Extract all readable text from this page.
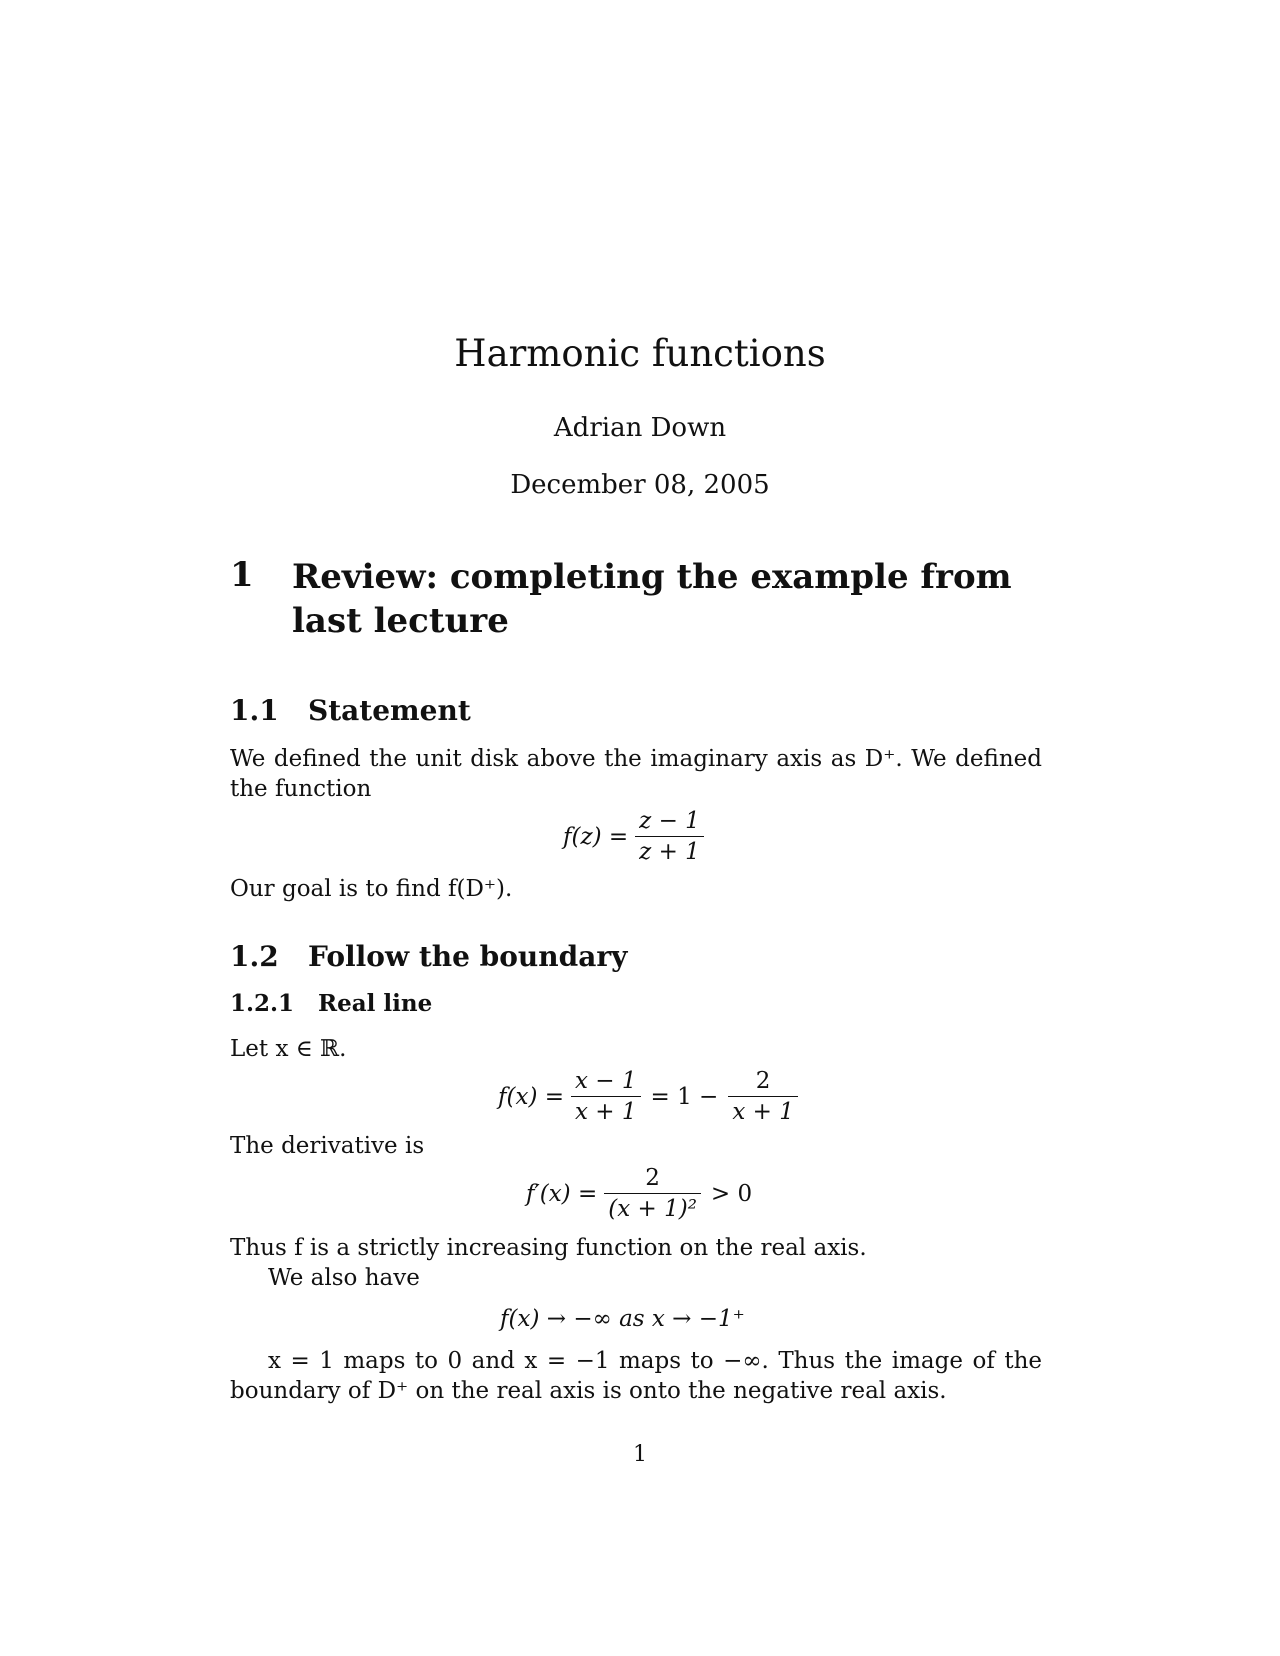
Harmonic functions
Adrian Down
December 08, 2005
1 Review: completing the example from last lecture
1.1 Statement
We defined the unit disk above the imaginary axis as D⁺. We defined the function
$f(z) = \frac{z - 1}{z + 1}$
Our goal is to find f(D⁺).
1.2 Follow the boundary
1.2.1 Real line
Let x ∈ ℝ.
$f(x) = \frac{x - 1}{x + 1} = 1 - \frac{2}{x + 1}$
The derivative is
$f'(x) = \frac{2}{\text{(x + 1)²}} > 0$
Thus f is a strictly increasing function on the real axis.
We also have
f(x) → −∞ as x → −1⁺
x = 1 maps to 0 and x = −1 maps to −∞. Thus the image of the boundary of D⁺ on the real axis is onto the negative real axis.
1
